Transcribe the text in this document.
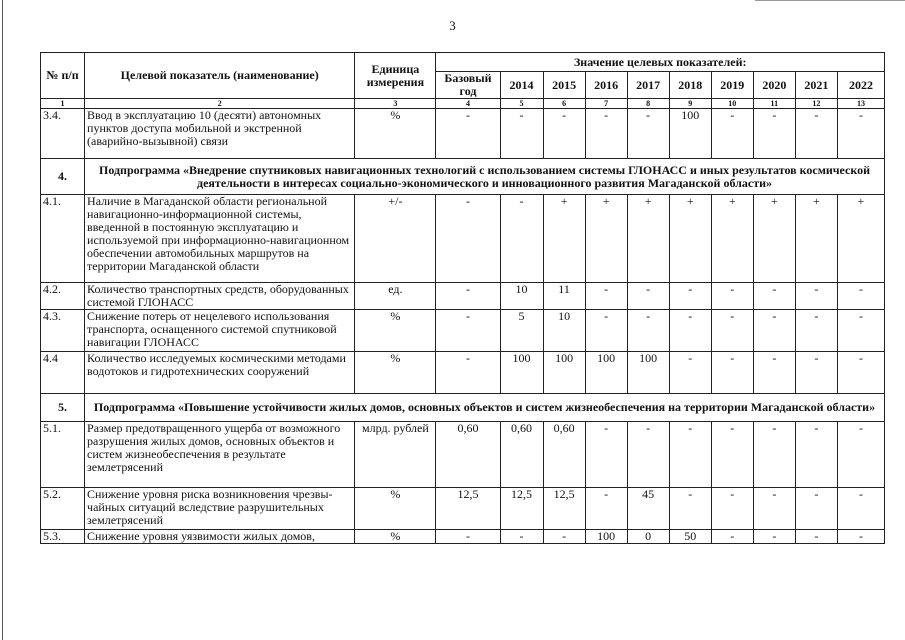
3
№ п/п	Целевой показатель (наименование)	Единица измерения	Значение целевых показателей:									
			Базовый год	2014	2015	2016	2017	2018	2019	2020	2021	2022
1	2	3	4	5	6	7	8	9	10	11	12	13
3.4.	Ввод в эксплуатацию 10 (десяти) автономных пунктов доступа мобильной и экстренной (аварийно-вызывной) связи	%	-	-	-	-	-	100	-	-	-	-
4.	Подпрограмма «Внедрение спутниковых навигационных технологий с использованием системы ГЛОНАСС и иных результатов космической деятельности в интересах социально-экономического и инновационного развития Магаданской области»											
4.1.	Наличие в Магаданской области региональной навигационно-информационной системы, введенной в постоянную эксплуатацию и используемой при информационно-навигационном обеспечении автомобильных маршрутов на территории Магаданской области	+/-	-	-	+	+	+	+	+	+	+	+
4.2.	Количество транспортных средств, оборудованных системой ГЛОНАСС	ед.	-	10	11	-	-	-	-	-	-	-
4.3.	Снижение потерь от нецелевого использования транспорта, оснащенного системой спутниковой навигации ГЛОНАСС	%	-	5	10	-	-	-	-	-	-	-
4.4	Количество исследуемых космическими методами водотоков и гидротехнических сооружений	%	-	100	100	100	100	-	-	-	-	-
5.	Подпрограмма «Повышение устойчивости жилых домов, основных объектов и систем жизнеобеспечения на территории Магаданской области»											
5.1.	Размер предотвращенного ущерба от возможного разрушения жилых домов, основных объектов и систем жизнеобеспечения в результате землетрясений	млрд. рублей	0,60	0,60	0,60	-	-	-	-	-	-	-
5.2.	Снижение уровня риска возникновения чрезвы-чайных ситуаций вследствие разрушительных землетрясений	%	12,5	12,5	12,5	-	45	-	-	-	-	-
5.3.	Снижение уровня уязвимости жилых домов,	%	-	-	-	100	0	50	-	-	-	-
